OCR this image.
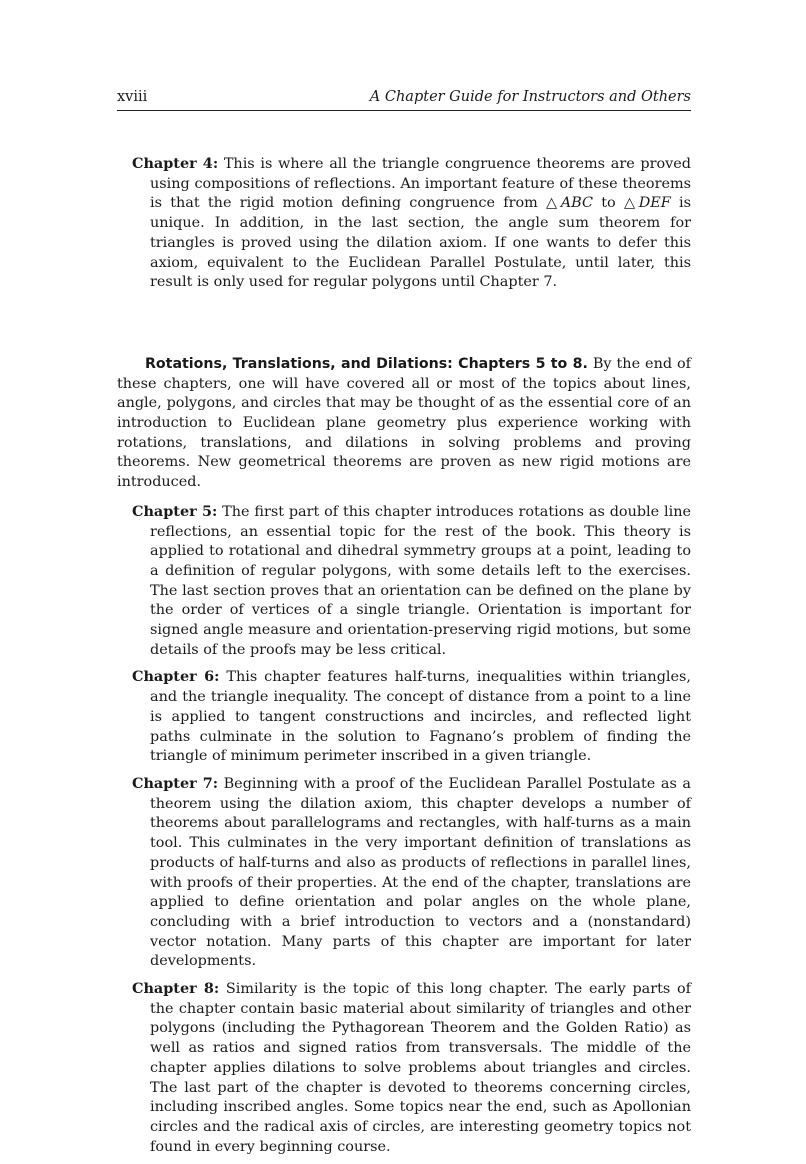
xviii	A Chapter Guide for Instructors and Others

Chapter 4: This is where all the triangle congruence theorems are proved using compositions of reflections. An important feature of these theorems is that the rigid motion defining congruence from △ABC to △DEF is unique. In addition, in the last section, the angle sum theorem for triangles is proved using the dilation axiom. If one wants to defer this axiom, equivalent to the Euclidean Parallel Postulate, until later, this result is only used for regular polygons until Chapter 7.

Rotations, Translations, and Dilations: Chapters 5 to 8. By the end of these chapters, one will have covered all or most of the topics about lines, angle, polygons, and circles that may be thought of as the essential core of an introduction to Euclidean plane geometry plus experience working with rotations, translations, and dilations in solving problems and proving theorems. New geometrical theorems are proven as new rigid motions are introduced.

Chapter 5: The first part of this chapter introduces rotations as double line reflections, an essential topic for the rest of the book. This theory is applied to rotational and dihedral symmetry groups at a point, leading to a definition of regular polygons, with some details left to the exercises. The last section proves that an orientation can be defined on the plane by the order of vertices of a single triangle. Orientation is important for signed angle measure and orientation-preserving rigid motions, but some details of the proofs may be less critical.

Chapter 6: This chapter features half-turns, inequalities within triangles, and the triangle inequality. The concept of distance from a point to a line is applied to tangent constructions and incircles, and reflected light paths culminate in the solution to Fagnano’s problem of finding the triangle of minimum perimeter inscribed in a given triangle.

Chapter 7: Beginning with a proof of the Euclidean Parallel Postulate as a theorem using the dilation axiom, this chapter develops a number of theorems about parallelograms and rectangles, with half-turns as a main tool. This culminates in the very important definition of translations as products of half-turns and also as products of reflections in parallel lines, with proofs of their properties. At the end of the chapter, translations are applied to define orientation and polar angles on the whole plane, concluding with a brief introduction to vectors and a (nonstandard) vector notation. Many parts of this chapter are important for later developments.

Chapter 8: Similarity is the topic of this long chapter. The early parts of the chapter contain basic material about similarity of triangles and other polygons (including the Pythagorean Theorem and the Golden Ratio) as well as ratios and signed ratios from transversals. The middle of the chapter applies dilations to solve problems about triangles and circles. The last part of the chapter is devoted to theorems concerning circles, including inscribed angles. Some topics near the end, such as Apollonian circles and the radical axis of circles, are interesting geometry topics not found in every beginning course.
